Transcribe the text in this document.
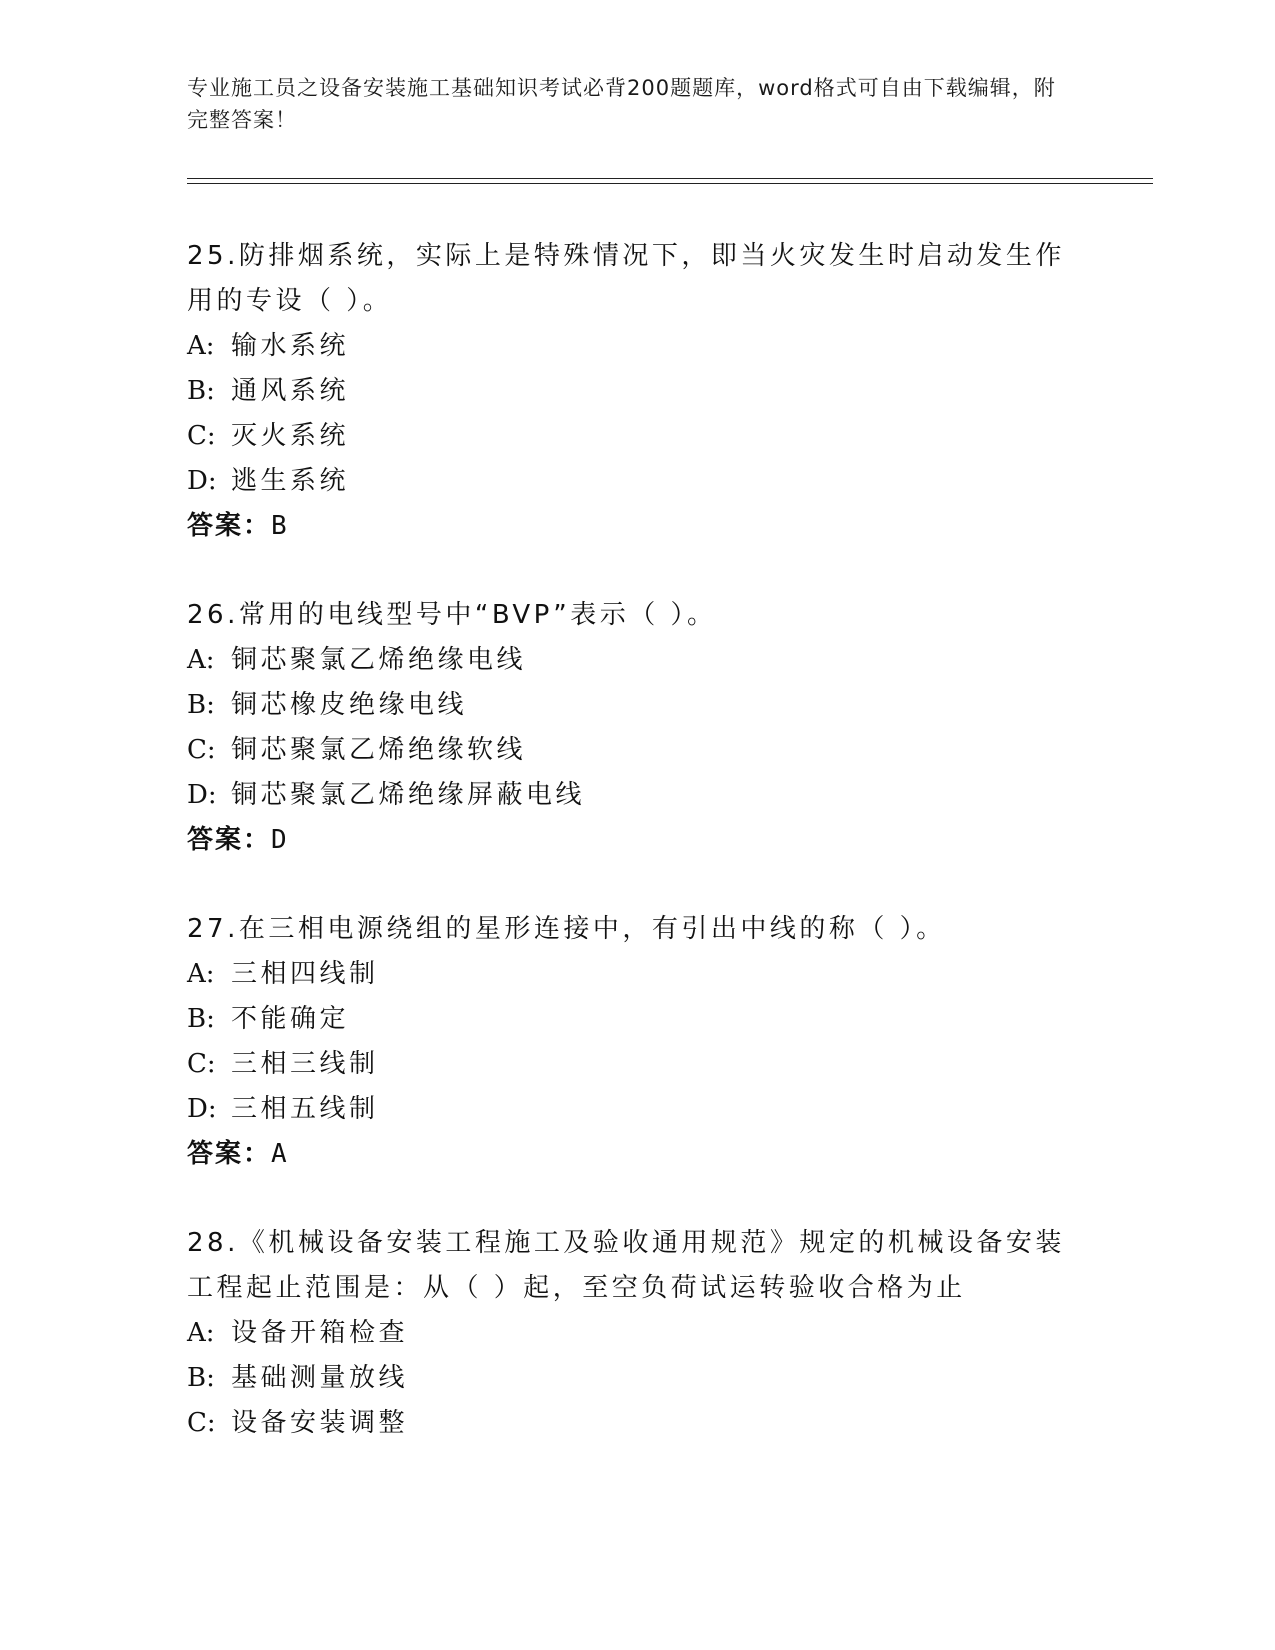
专业施工员之设备安装施工基础知识考试必背200题题库，word格式可自由下载编辑，附完整答案！

25.防排烟系统，实际上是特殊情况下，即当火灾发生时启动发生作用的专设（ ）。

A: 输水系统

B: 通风系统

C: 灭火系统

D: 逃生系统

答案：B

26.常用的电线型号中“BVP”表示（ ）。

A: 铜芯聚氯乙烯绝缘电线

B: 铜芯橡皮绝缘电线

C: 铜芯聚氯乙烯绝缘软线

D: 铜芯聚氯乙烯绝缘屏蔽电线

答案：D

27.在三相电源绕组的星形连接中，有引出中线的称（ ）。

A: 三相四线制

B: 不能确定

C: 三相三线制

D: 三相五线制

答案：A

28.《机械设备安装工程施工及验收通用规范》规定的机械设备安装工程起止范围是：从（ ）起，至空负荷试运转验收合格为止

A: 设备开箱检查

B: 基础测量放线

C: 设备安装调整
